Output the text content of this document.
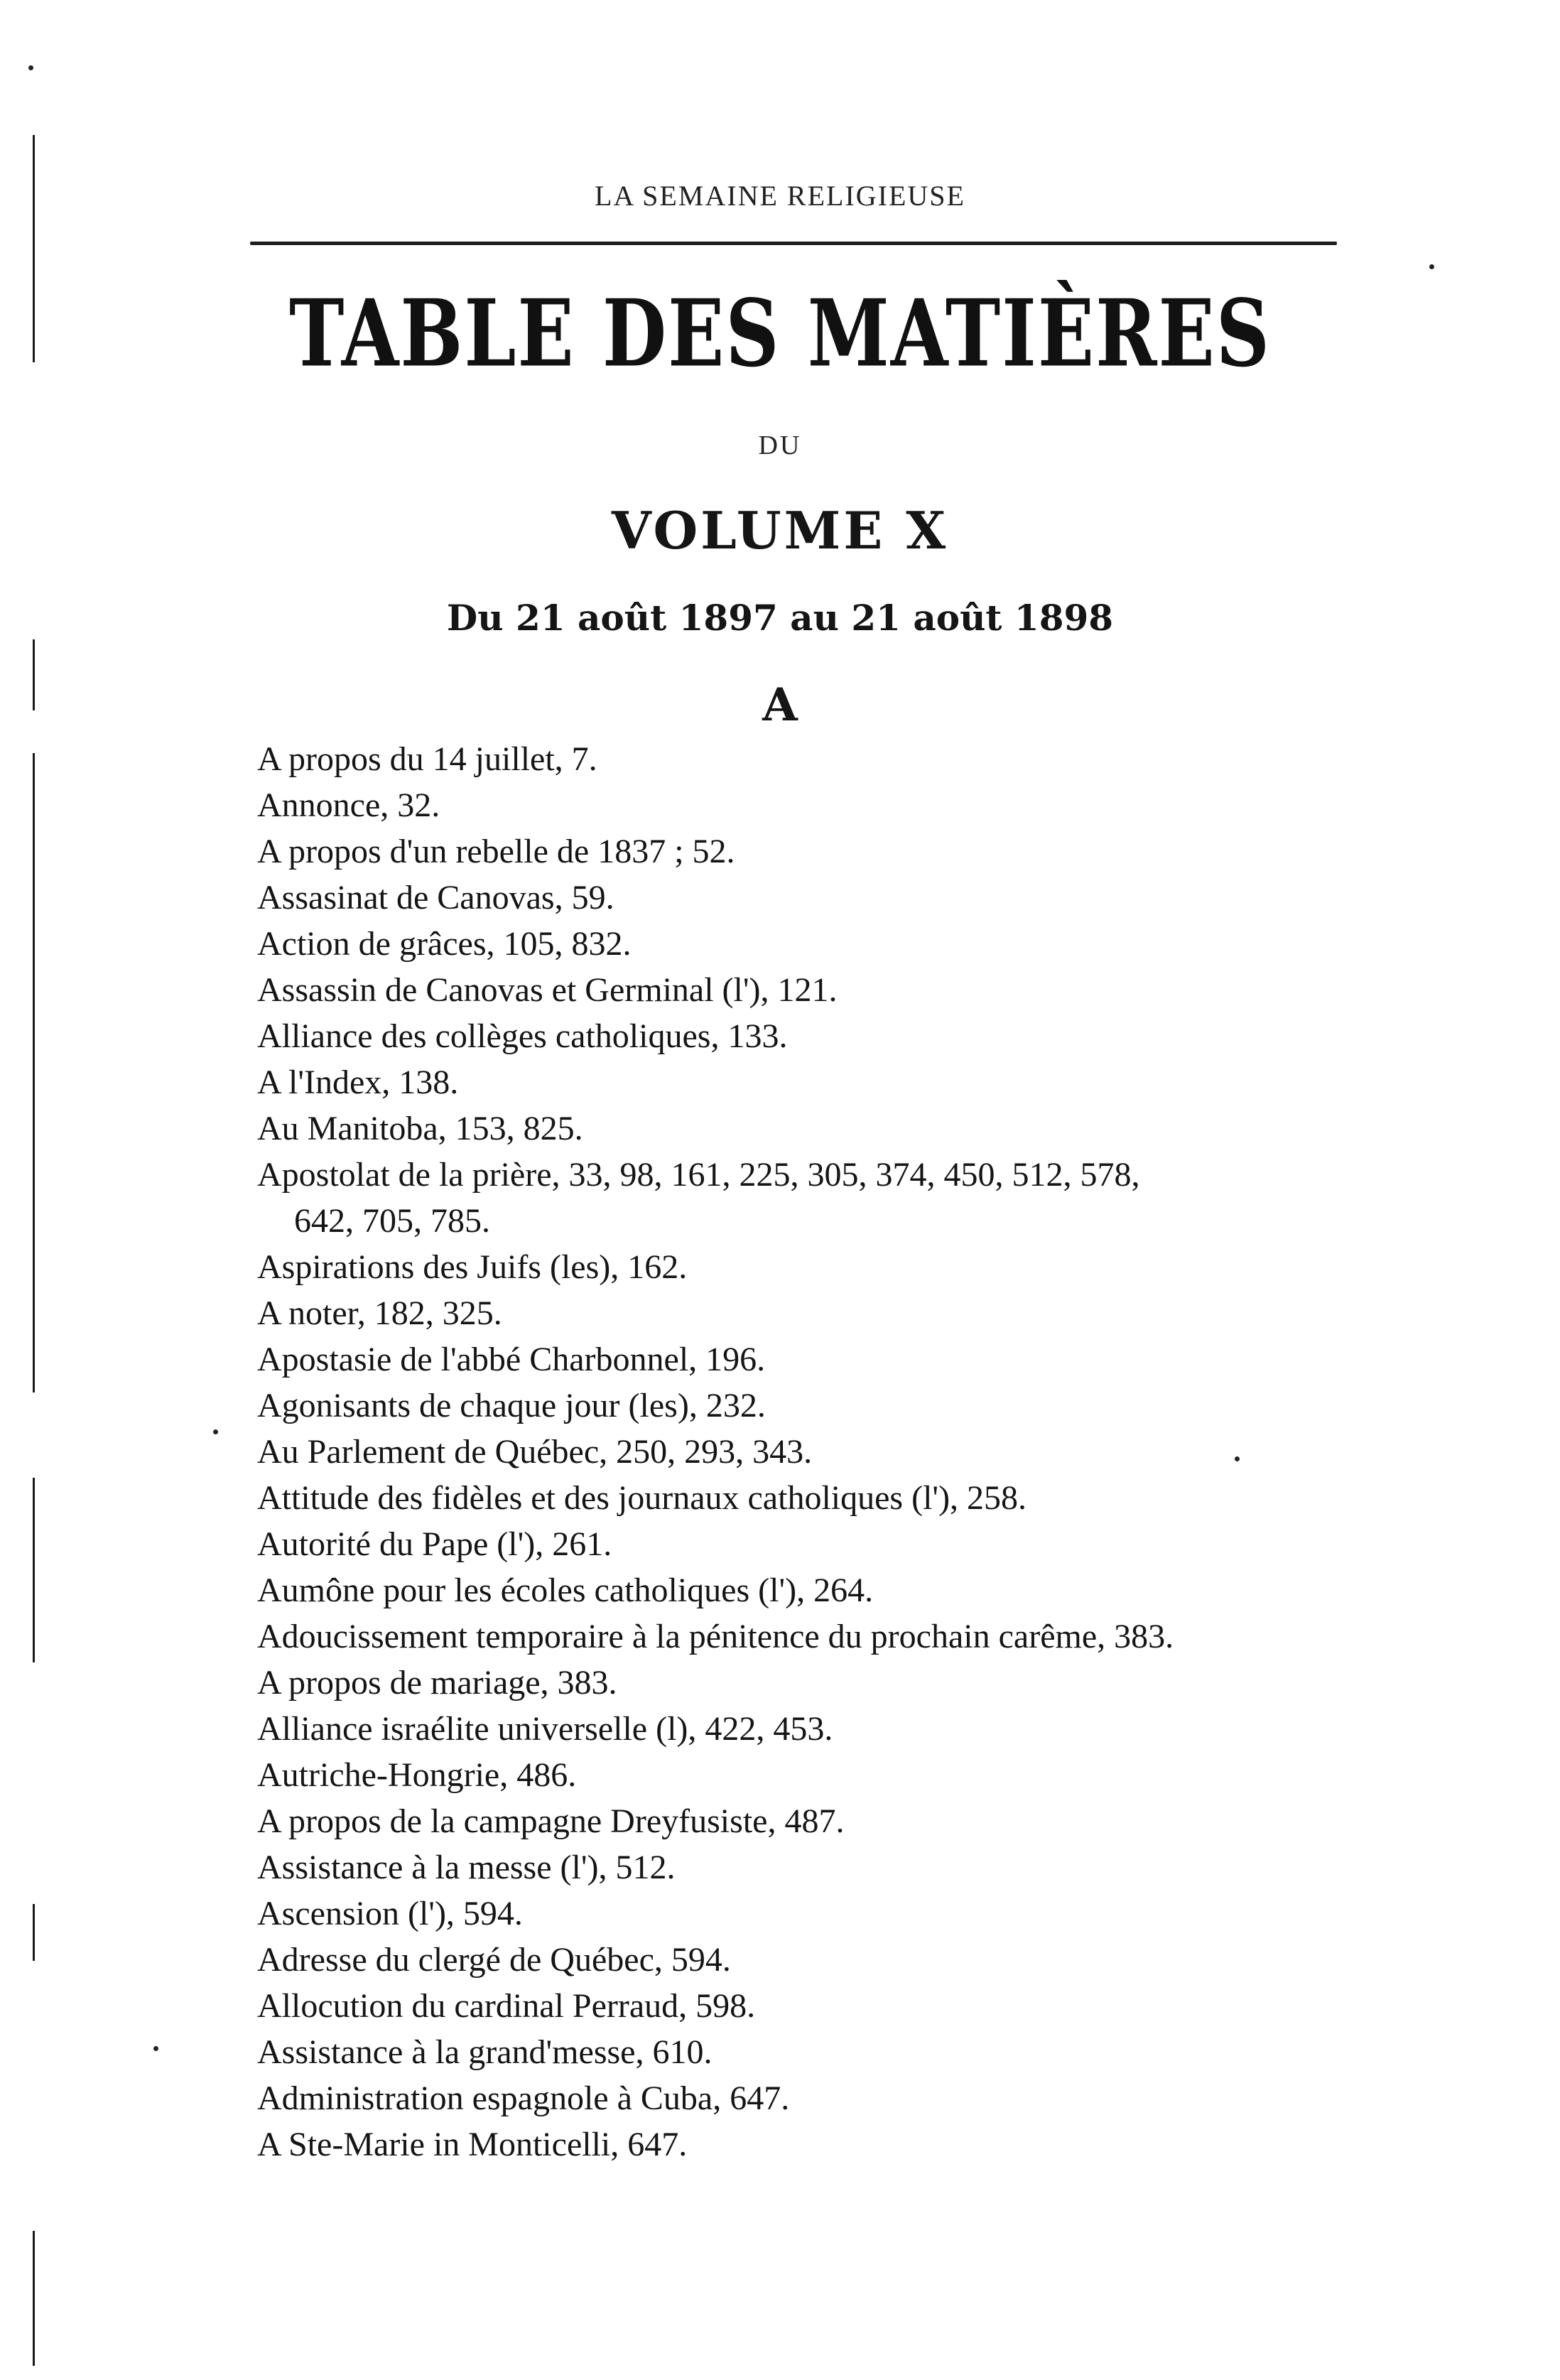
LA SEMAINE RELIGIEUSE
TABLE DES MATIÈRES
DU
VOLUME X
Du 21 août 1897 au 21 août 1898
A
A propos du 14 juillet, 7.
Annonce, 32.
A propos d'un rebelle de 1837 ; 52.
Assasinat de Canovas, 59.
Action de grâces, 105, 832.
Assassin de Canovas et Germinal (l'), 121.
Alliance des collèges catholiques, 133.
A l'Index, 138.
Au Manitoba, 153, 825.
Apostolat de la prière, 33, 98, 161, 225, 305, 374, 450, 512, 578,
642, 705, 785.
Aspirations des Juifs (les), 162.
A noter, 182, 325.
Apostasie de l'abbé Charbonnel, 196.
Agonisants de chaque jour (les), 232.
Au Parlement de Québec, 250, 293, 343.
Attitude des fidèles et des journaux catholiques (l'), 258.
Autorité du Pape (l'), 261.
Aumône pour les écoles catholiques (l'), 264.
Adoucissement temporaire à la pénitence du prochain carême, 383.
A propos de mariage, 383.
Alliance israélite universelle (l), 422, 453.
Autriche-Hongrie, 486.
A propos de la campagne Dreyfusiste, 487.
Assistance à la messe (l'), 512.
Ascension (l'), 594.
Adresse du clergé de Québec, 594.
Allocution du cardinal Perraud, 598.
Assistance à la grand'messe, 610.
Administration espagnole à Cuba, 647.
A Ste-Marie in Monticelli, 647.
